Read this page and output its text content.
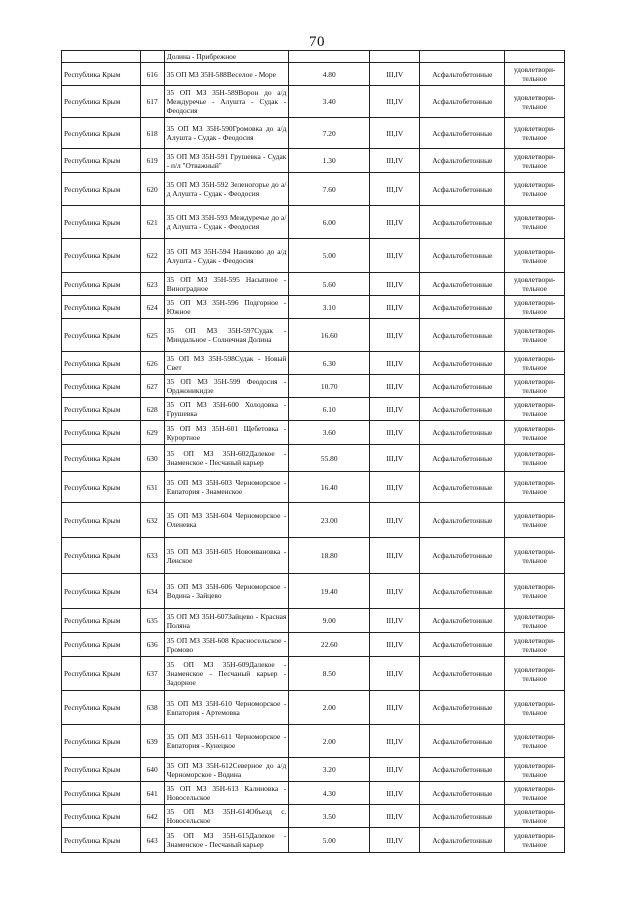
70
		Долина - Прибрежное				
Республика Крым	616	35 ОП МЗ 35Н-588Веселое - Море	4.80	III,IV	Асфальтобетонные	удовлетвори-тельное
Республика Крым	617	35 ОП МЗ 35Н-589Ворон до а/д Междуречье - Алушта - Судак - Феодосия	3.40	III,IV	Асфальтобетонные	удовлетвори-тельное
Республика Крым	618	35 ОП МЗ 35Н-590Громовка до а/д Алушта - Судак - Феодосия	7.20	III,IV	Асфальтобетонные	удовлетвори-тельное
Республика Крым	619	35 ОП МЗ 35Н-591 Грушевка - Судак - п/л "Отважный"	1.30	III,IV	Асфальтобетонные	удовлетвори-тельное
Республика Крым	620	35 ОП МЗ 35Н-592 Зеленогорье до а/д Алушта - Судак - Феодосия	7.60	III,IV	Асфальтобетонные	удовлетвори-тельное
Республика Крым	621	35 ОП МЗ 35Н-593 Междуречье до а/д Алушта - Судак - Феодосия	6.00	III,IV	Асфальтобетонные	удовлетвори-тельное
Республика Крым	622	35 ОП МЗ 35Н-594 Наниково до а/д Алушта - Судак - Феодосия	5.00	III,IV	Асфальтобетонные	удовлетвори-тельное
Республика Крым	623	35 ОП МЗ 35Н-595 Насыпное - Виноградное	5.60	III,IV	Асфальтобетонные	удовлетвори-тельное
Республика Крым	624	35 ОП МЗ 35Н-596 Подгорное - Южное	3.10	III,IV	Асфальтобетонные	удовлетвори-тельное
Республика Крым	625	35 ОП МЗ 35Н-597Судак - Миндальное - Солнечная Долина	16.60	III,IV	Асфальтобетонные	удовлетвори-тельное
Республика Крым	626	35 ОП МЗ 35Н-598Судак - Новый Свет	6.30	III,IV	Асфальтобетонные	удовлетвори-тельное
Республика Крым	627	35 ОП МЗ 35Н-599 Феодосия - Орджоникидзе	10.70	III,IV	Асфальтобетонные	удовлетвори-тельное
Республика Крым	628	35 ОП МЗ 35Н-600 Холодовка - Грушевка	6.10	III,IV	Асфальтобетонные	удовлетвори-тельное
Республика Крым	629	35 ОП МЗ 35Н-601 Щебетовка - Курортное	3.60	III,IV	Асфальтобетонные	удовлетвори-тельное
Республика Крым	630	35 ОП МЗ 35Н-602Далекое - Знаменское - Песчаный карьер	55.80	III,IV	Асфальтобетонные	удовлетвори-тельное
Республика Крым	631	35 ОП МЗ 35Н-603 Черноморское - Евпатория - Знаменское	16.40	III,IV	Асфальтобетонные	удовлетвори-тельное
Республика Крым	632	35 ОП МЗ 35Н-604 Черноморское - Оленевка	23.00	III,IV	Асфальтобетонные	удовлетвори-тельное
Республика Крым	633	35 ОП МЗ 35Н-605 Новоивановка - Ленское	18.80	III,IV	Асфальтобетонные	удовлетвори-тельное
Республика Крым	634	35 ОП МЗ 35Н-606 Черноморское - Водина - Зайцево	19.40	III,IV	Асфальтобетонные	удовлетвори-тельное
Республика Крым	635	35 ОП МЗ 35Н-607Зайцево - Красная Поляна	9.00	III,IV	Асфальтобетонные	удовлетвори-тельное
Республика Крым	636	35 ОП МЗ 35Н-608 Красносельское - Громово	22.60	III,IV	Асфальтобетонные	удовлетвори-тельное
Республика Крым	637	35 ОП МЗ 35Н-609Далекое - Знаменское - Песчаный карьер - Задорное	8.50	III,IV	Асфальтобетонные	удовлетвори-тельное
Республика Крым	638	35 ОП МЗ 35Н-610 Черноморское - Евпатория - Артемовка	2.00	III,IV	Асфальтобетонные	удовлетвори-тельное
Республика Крым	639	35 ОП МЗ 35Н-611 Черноморское - Евпатория - Кунецкое	2.00	III,IV	Асфальтобетонные	удовлетвори-тельное
Республика Крым	640	35 ОП МЗ 35Н-612Северное до а/д Черноморское - Водина	3.20	III,IV	Асфальтобетонные	удовлетвори-тельное
Республика Крым	641	35 ОП МЗ 35Н-613 Калиновка - Новосельское	4.30	III,IV	Асфальтобетонные	удовлетвори-тельное
Республика Крым	642	35 ОП МЗ 35Н-614Объезд с. Новосельское	3.50	III,IV	Асфальтобетонные	удовлетвори-тельное
Республика Крым	643	35 ОП МЗ 35Н-615Далекое - Знаменское - Песчаный карьер	5.00	III,IV	Асфальтобетонные	удовлетвори-тельное
